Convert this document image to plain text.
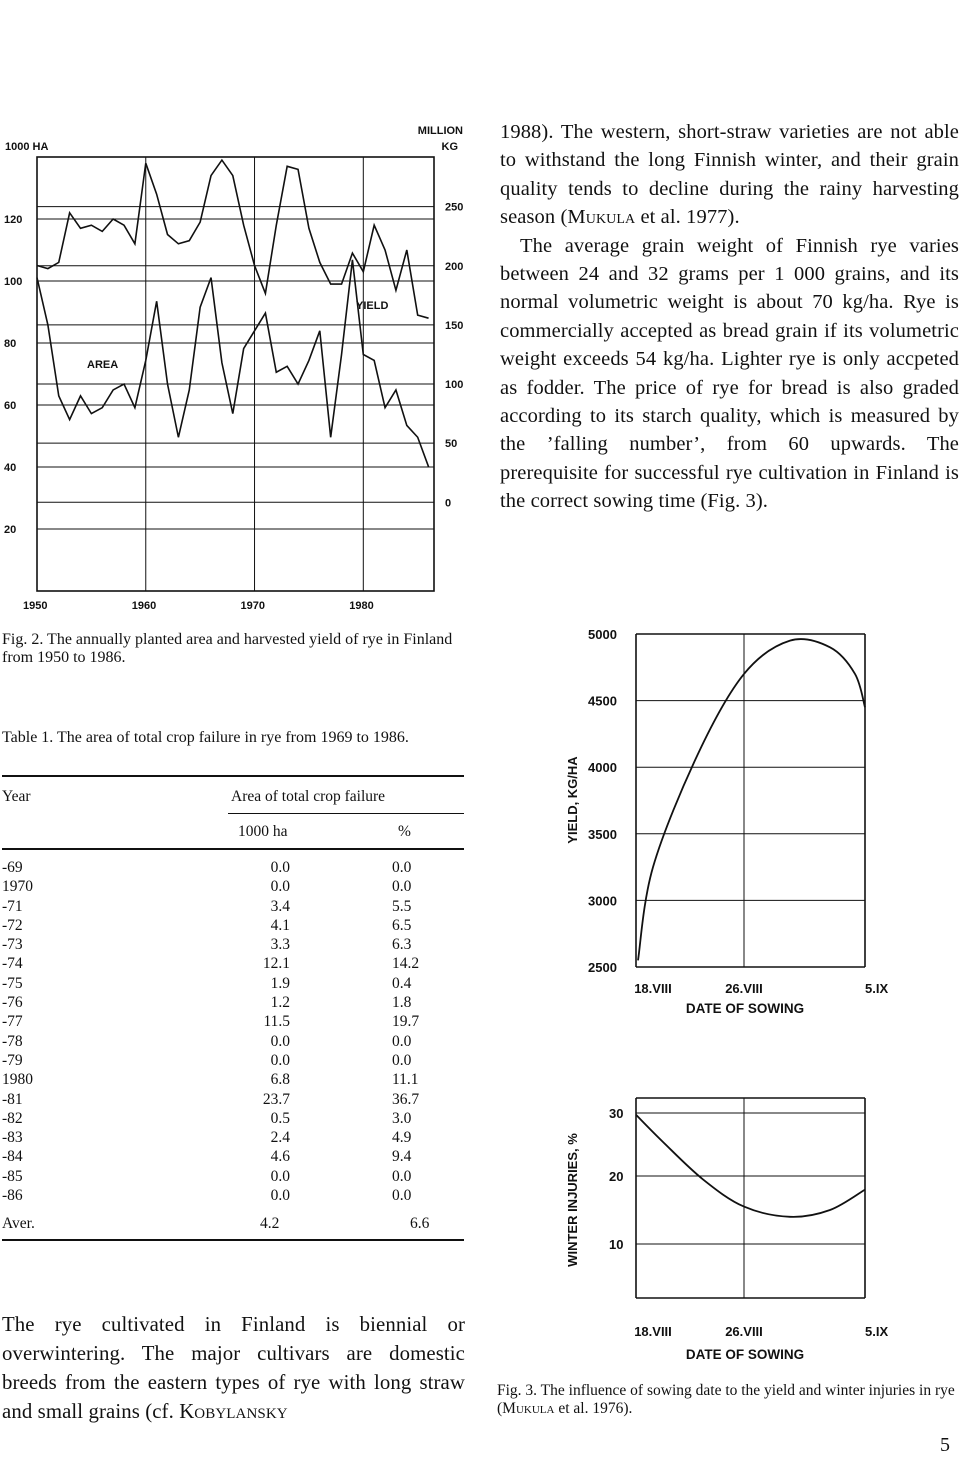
1000 HA
MILLION
KG
120
100
80
60
40
20
250
200
150
100
50
0
1950	1960	1970	1980
AREA
YIELD
Fig. 2. The annually planted area and harvested yield of rye in Finland from 1950 to 1986.

1988). The western, short-straw varieties are not able to withstand the long Finnish winter, and their grain quality tends to decline during the rainy harvesting season (Mukula et al. 1977).

The average grain weight of Finnish rye varies between 24 and 32 grams per 1 000 grains, and its normal volumetric weight is about 70 kg/ha. Rye is commercially accepted as bread grain if its volumetric weight exceeds 54 kg/ha. Lighter rye is only accpeted as fodder. The price of rye for bread is also graded according to its starch quality, which is measured by the ’falling number’, from 60 upwards. The prerequisite for successful rye cultivation in Finland is the correct sowing time (Fig. 3).

Table 1. The area of total crop failure in rye from 1969 to 1986.
Year	Area of total crop failure
1000 ha	%
-69	0.0	0.0
1970	0.0	0.0
-71	3.4	5.5
-72	4.1	6.5
-73	3.3	6.3
-74	12.1	14.2
-75	1.9	0.4
-76	1.2	1.8
-77	11.5	19.7
-78	0.0	0.0
-79	0.0	0.0
1980	6.8	11.1
-81	23.7	36.7
-82	0.5	3.0
-83	2.4	4.9
-84	4.6	9.4
-85	0.0	0.0
-86	0.0	0.0
Aver.	4.2	6.6

The rye cultivated in Finland is biennial or overwintering. The major cultivars are domestic breeds from the eastern types of rye with long straw and small grains (cf. Kobylansky

5000
4500
4000
3500
3000
2500
18.VIII	26.VIII	5.IX
YIELD, KG/HA
DATE OF SOWING
30
20
10
18.VIII	26.VIII	5.IX
WINTER INJURIES, %
DATE OF SOWING
Fig. 3. The influence of sowing date to the yield and winter injuries in rye (Mukula et al. 1976).
5
